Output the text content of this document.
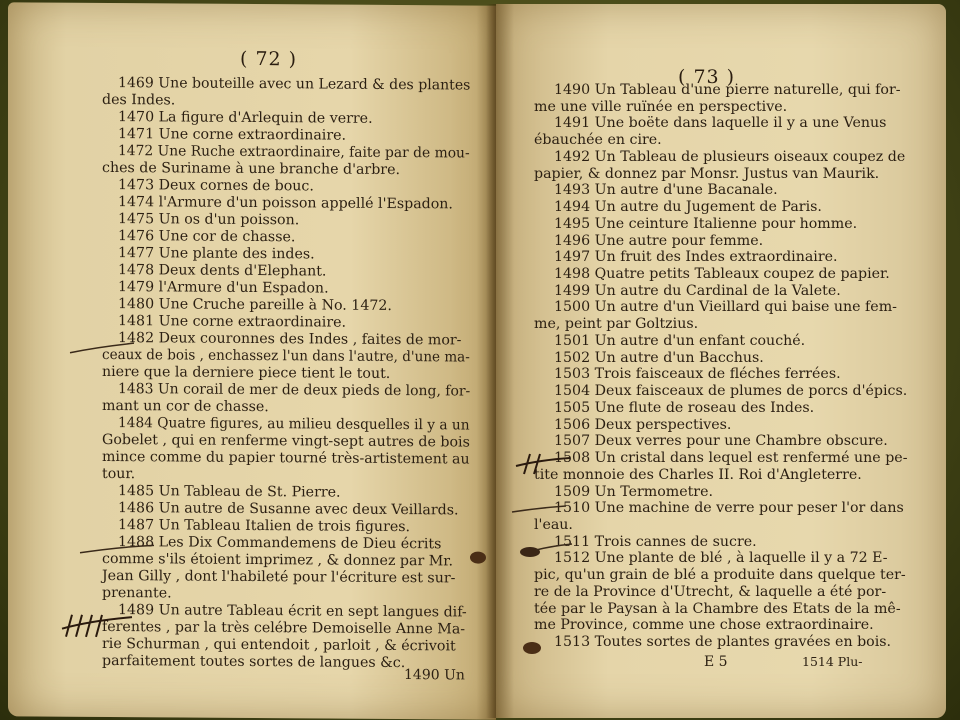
( 72 )
1469 Une bouteille avec un Lezard & des plantes
des Indes.
1470 La figure d'Arlequin de verre.
1471 Une corne extraordinaire.
1472 Une Ruche extraordinaire, faite par de mou-
ches de Suriname à une branche d'arbre.
1473 Deux cornes de bouc.
1474 l'Armure d'un poisson appellé l'Espadon.
1475 Un os d'un poisson.
1476 Une cor de chasse.
1477 Une plante des indes.
1478 Deux dents d'Elephant.
1479 l'Armure d'un Espadon.
1480 Une Cruche pareille à No. 1472.
1481 Une corne extraordinaire.
1482 Deux couronnes des Indes , faites de mor-
ceaux de bois , enchassez l'un dans l'autre, d'une ma-
niere que la derniere piece tient le tout.
1483 Un corail de mer de deux pieds de long, for-
mant un cor de chasse.
1484 Quatre figures, au milieu desquelles il y a un
Gobelet , qui en renferme vingt-sept autres de bois
mince comme du papier tourné très-artistement au
tour.
1485 Un Tableau de St. Pierre.
1486 Un autre de Susanne avec deux Veillards.
1487 Un Tableau Italien de trois figures.
1488 Les Dix Commandemens de Dieu écrits
comme s'ils étoient imprimez , & donnez par Mr.
Jean Gilly , dont l'habileté pour l'écriture est sur-
prenante.
1489 Un autre Tableau écrit en sept langues dif-
ferentes , par la très celébre Demoiselle Anne Ma-
rie Schurman , qui entendoit , parloit , & écrivoit
parfaitement toutes sortes de langues &c.
1490 Un
( 73 )
1490 Un Tableau d'une pierre naturelle, qui for-
me une ville ruïnée en perspective.
1491 Une boëte dans laquelle il y a une Venus
ébauchée en cire.
1492 Un Tableau de plusieurs oiseaux coupez de
papier, & donnez par Monsr. Justus van Maurik.
1493 Un autre d'une Bacanale.
1494 Un autre du Jugement de Paris.
1495 Une ceinture Italienne pour homme.
1496 Une autre pour femme.
1497 Un fruit des Indes extraordinaire.
1498 Quatre petits Tableaux coupez de papier.
1499 Un autre du Cardinal de la Valete.
1500 Un autre d'un Vieillard qui baise une fem-
me, peint par Goltzius.
1501 Un autre d'un enfant couché.
1502 Un autre d'un Bacchus.
1503 Trois faisceaux de fléches ferrées.
1504 Deux faisceaux de plumes de porcs d'épics.
1505 Une flute de roseau des Indes.
1506 Deux perspectives.
1507 Deux verres pour une Chambre obscure.
1508 Un cristal dans lequel est renfermé une pe-
tite monnoie des Charles II. Roi d'Angleterre.
1509 Un Termometre.
1510 Une machine de verre pour peser l'or dans
l'eau.
1511 Trois cannes de sucre.
1512 Une plante de blé , à laquelle il y a 72 E-
pic, qu'un grain de blé a produite dans quelque ter-
re de la Province d'Utrecht, & laquelle a été por-
tée par le Paysan à la Chambre des Etats de la mê-
me Province, comme une chose extraordinaire.
1513 Toutes sortes de plantes gravées en bois.
E 5	1514 Plu-
